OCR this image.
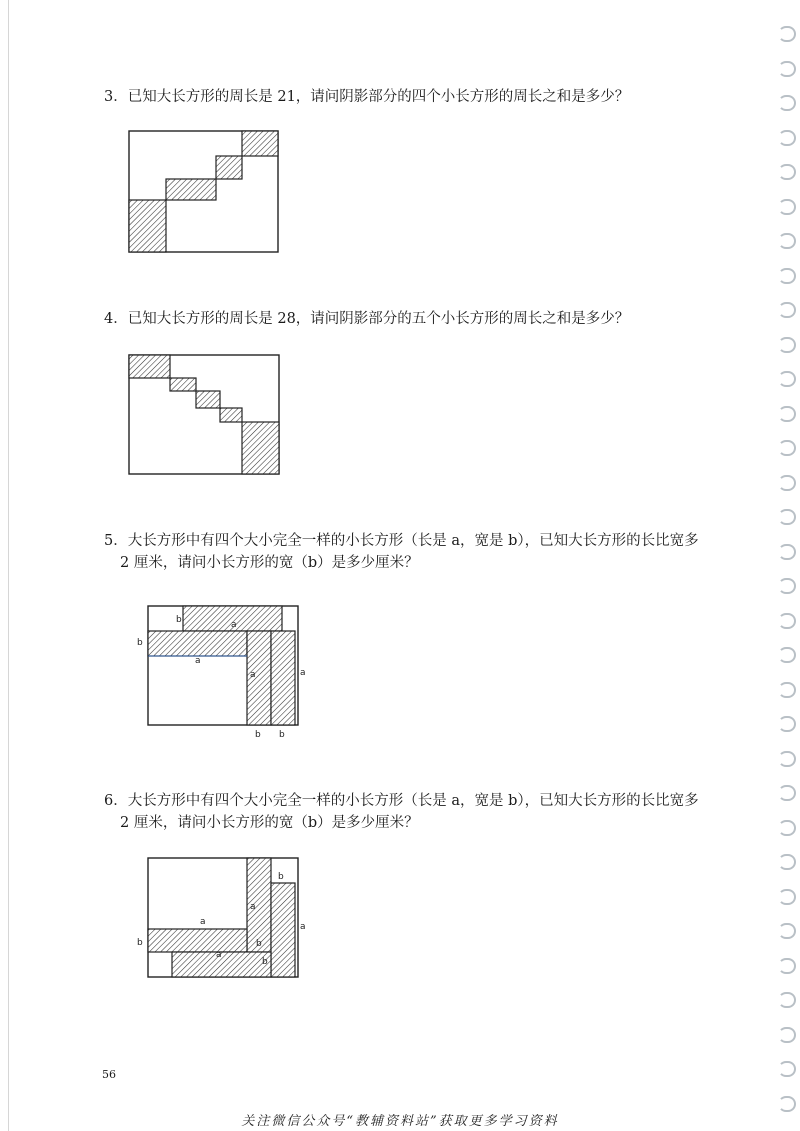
3．已知大长方形的周长是 21，请问阴影部分的四个小长方形的周长之和是多少？
4．已知大长方形的周长是 28，请问阴影部分的五个小长方形的周长之和是多少？
5．大长方形中有四个大小完全一样的小长方形（长是 a，宽是 b），已知大长方形的长比宽多
2 厘米，请问小长方形的宽（b）是多少厘米？
b	a
b
a
a	a
b b
6．大长方形中有四个大小完全一样的小长方形（长是 a，宽是 b），已知大长方形的长比宽多
2 厘米，请问小长方形的宽（b）是多少厘米？
b
a
a	a
b	b
a
b
56
关注微信公众号“教辅资料站”获取更多学习资料
